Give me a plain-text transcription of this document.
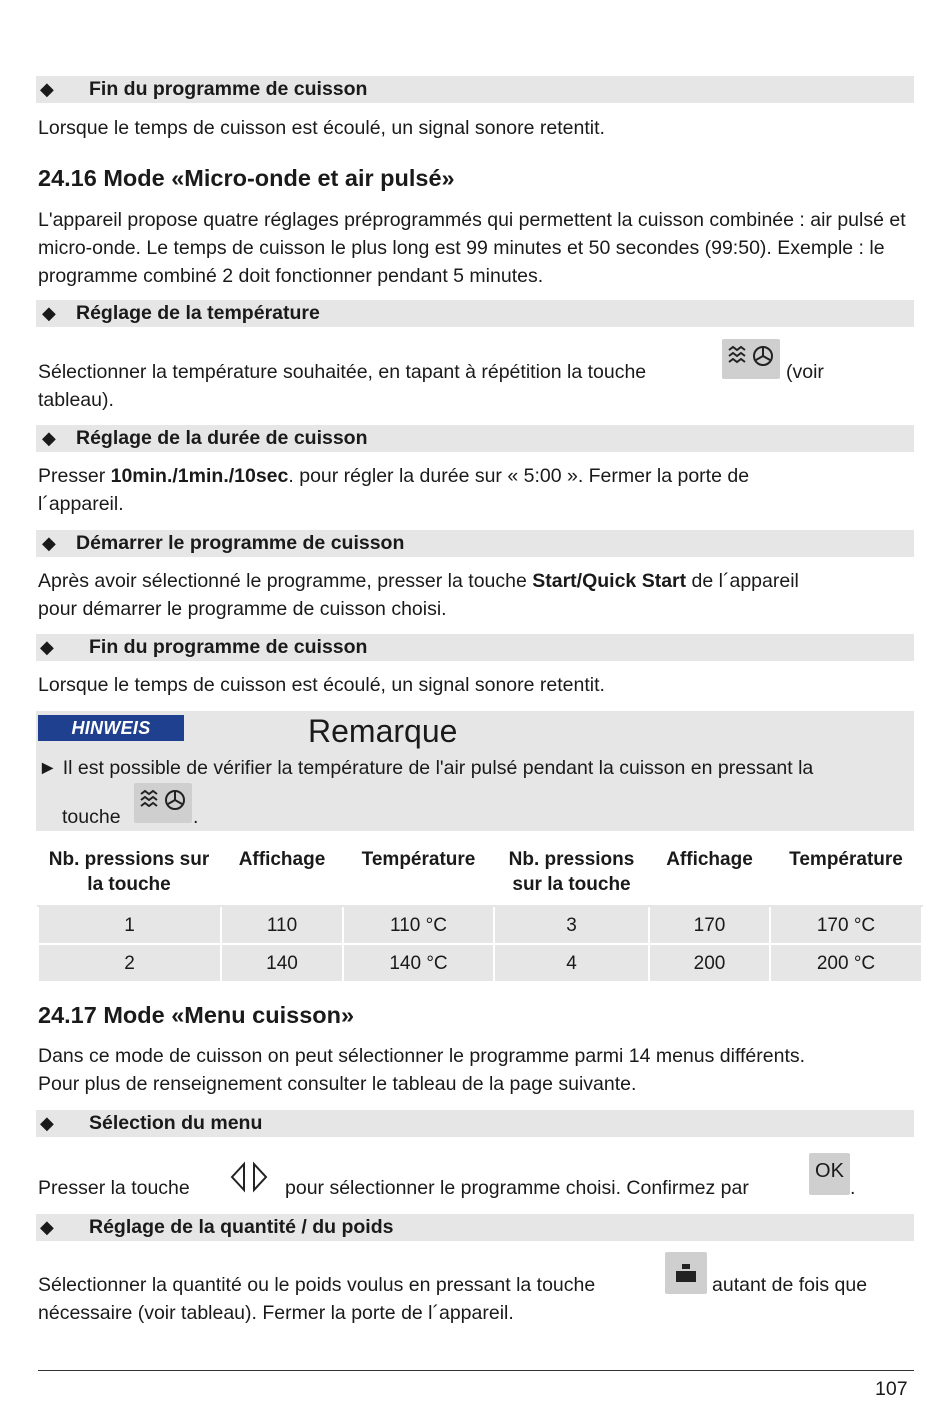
◆ Fin du programme de cuisson
Lorsque le temps de cuisson est écoulé, un signal sonore retentit.
24.16 Mode «Micro-onde et air pulsé»
L'appareil propose quatre réglages préprogrammés qui permettent la cuisson combinée : air pulsé et micro-onde. Le temps de cuisson le plus long est 99 minutes et 50 secondes (99:50). Exemple : le programme combiné 2 doit fonctionner pendant 5 minutes.
◆ Réglage de la température
Sélectionner la température souhaitée, en tapant à répétition la touche	(voir
tableau).
◆ Réglage de la durée de cuisson
Presser 10min./1min./10sec. pour régler la durée sur « 5:00 ». Fermer la porte de
l´appareil.
◆ Démarrer le programme de cuisson
Après avoir sélectionné le programme, presser la touche Start/Quick Start de l´appareil
pour démarrer le programme de cuisson choisi.
◆ Fin du programme de cuisson
Lorsque le temps de cuisson est écoulé, un signal sonore retentit.
HINWEIS	Remarque
► Il est possible de vérifier la température de l'air pulsé pendant la cuisson en pressant la
touche	.
Nb. pressions sur la touche	Affichage	Température	Nb. pressions sur la touche	Affichage	Température
1	110	110 °C	3	170	170 °C
2	140	140 °C	4	200	200 °C
24.17 Mode «Menu cuisson»
Dans ce mode de cuisson on peut sélectionner le programme parmi 14 menus différents.
Pour plus de renseignement consulter le tableau de la page suivante.
◆ Sélection du menu
Presser la touche	pour sélectionner le programme choisi. Confirmez par
OK
.
◆ Réglage de la quantité / du poids
Sélectionner la quantité ou le poids voulus en pressant la touche	autant de fois que
nécessaire (voir tableau). Fermer la porte de l´appareil.
107
